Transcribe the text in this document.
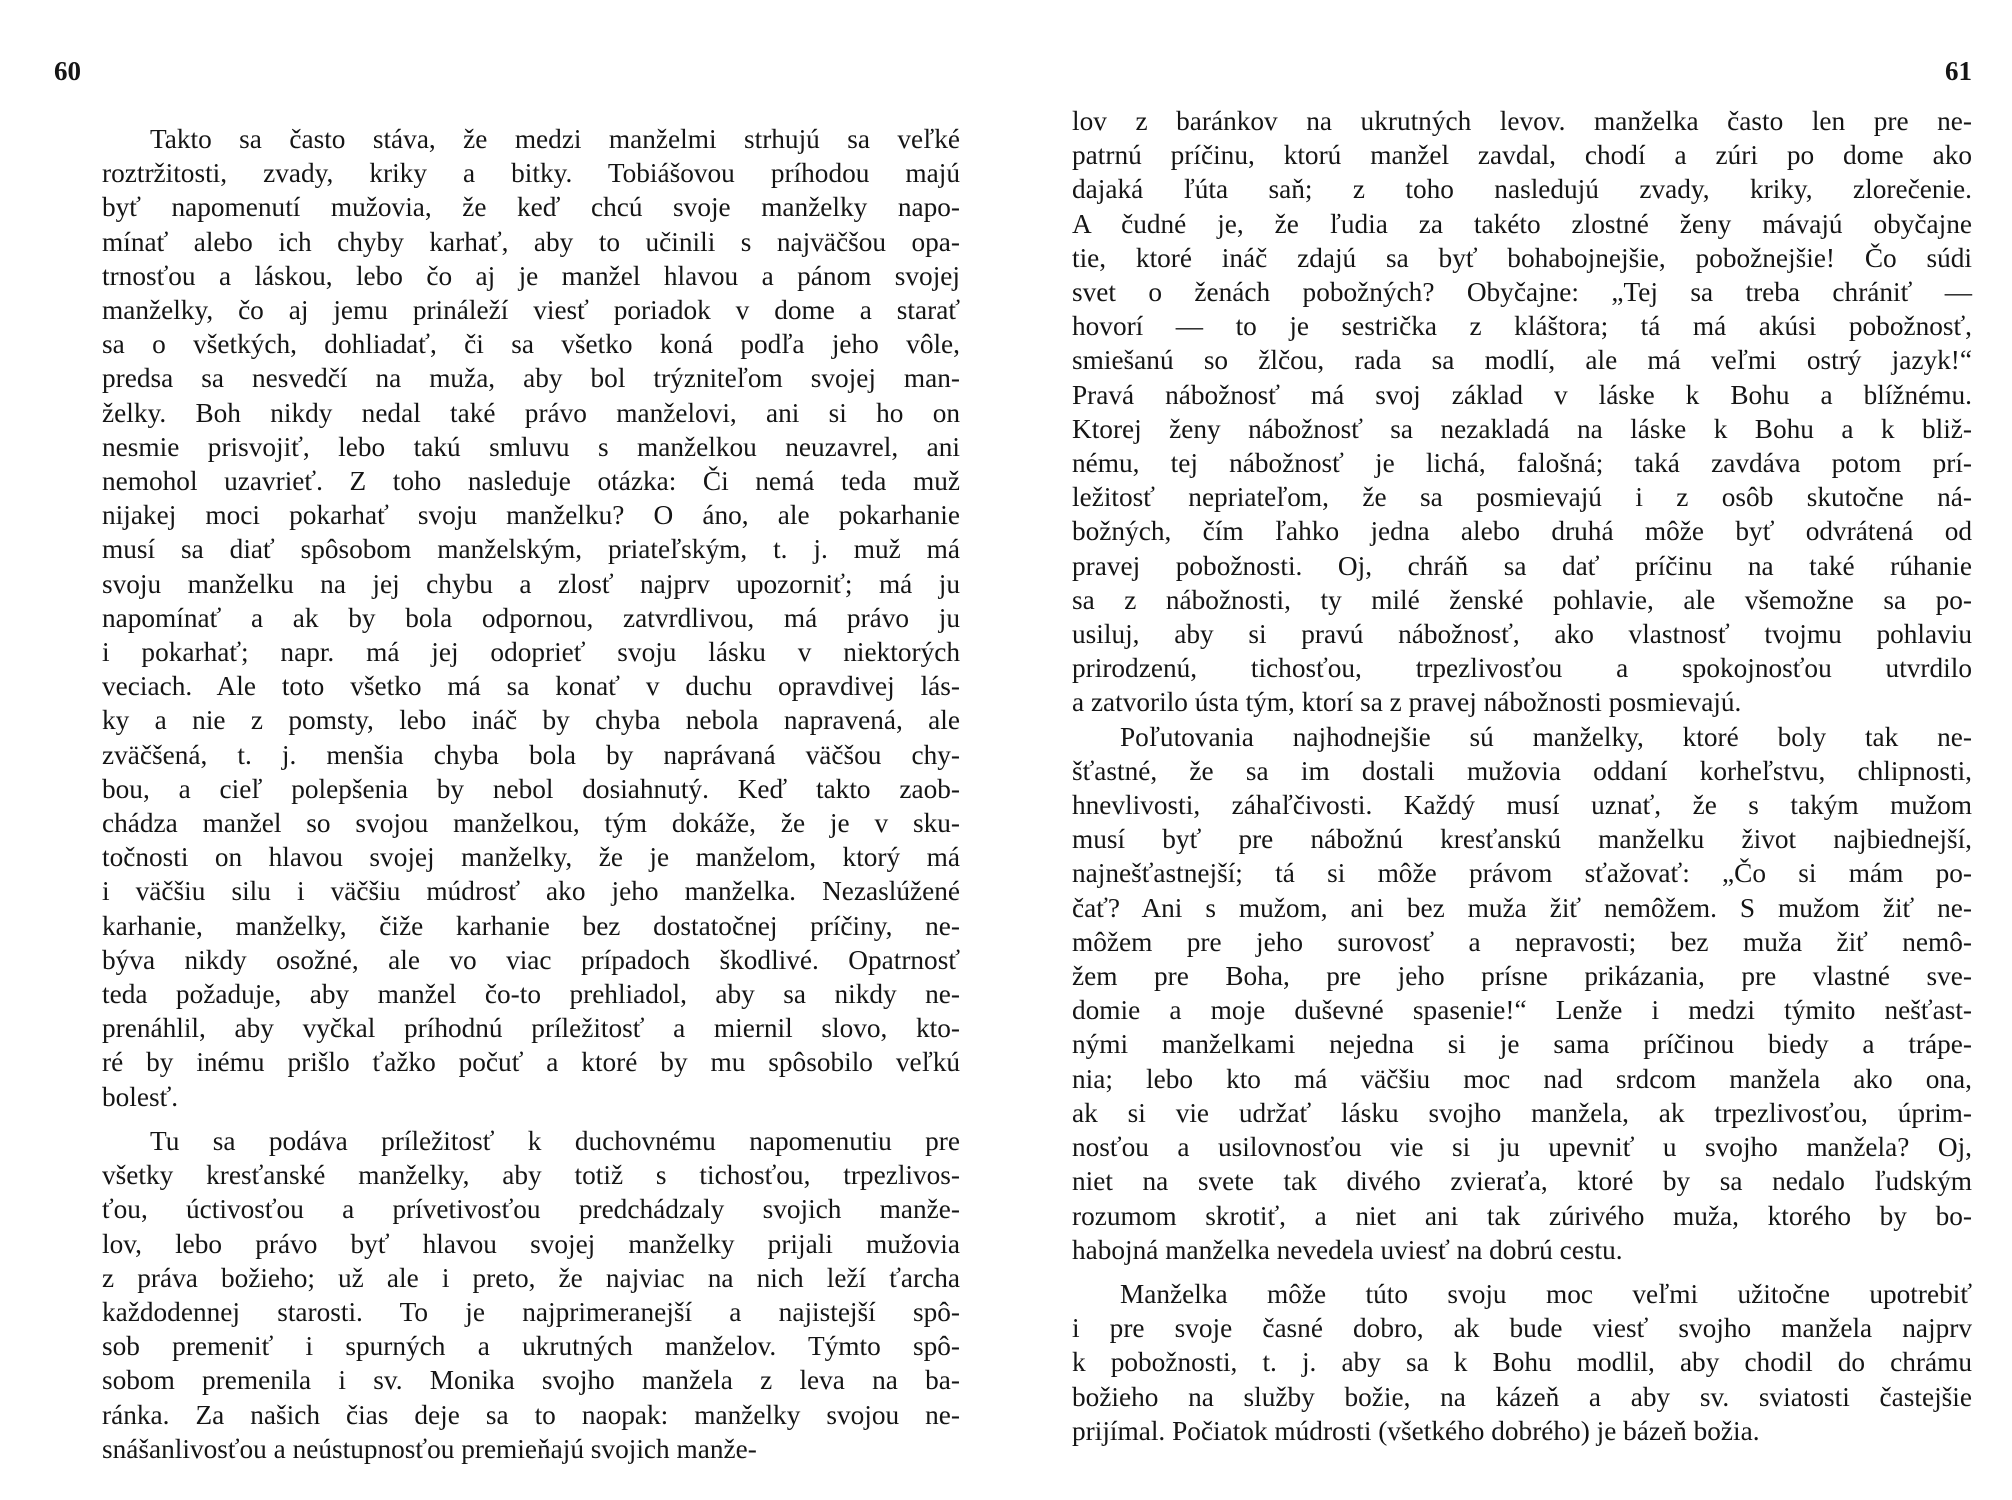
60
Takto sa často stáva, že medzi manželmi strhujú sa veľké
roztržitosti, zvady, kriky a bitky. Tobiášovou príhodou majú
byť napomenutí mužovia, že keď chcú svoje manželky napo-
mínať alebo ich chyby karhať, aby to učinili s najväčšou opa-
trnosťou a láskou, lebo čo aj je manžel hlavou a pánom svojej
manželky, čo aj jemu prináleží viesť poriadok v dome a starať
sa o všetkých, dohliadať, či sa všetko koná podľa jeho vôle,
predsa sa nesvedčí na muža, aby bol trýzniteľom svojej man-
želky. Boh nikdy nedal také právo manželovi, ani si ho on
nesmie prisvojiť, lebo takú smluvu s manželkou neuzavrel, ani
nemohol uzavrieť. Z toho nasleduje otázka: Či nemá teda muž
nijakej moci pokarhať svoju manželku? O áno, ale pokarhanie
musí sa diať spôsobom manželským, priateľským, t. j. muž má
svoju manželku na jej chybu a zlosť najprv upozorniť; má ju
napomínať a ak by bola odpornou, zatvrdlivou, má právo ju
i pokarhať; napr. má jej odoprieť svoju lásku v niektorých
veciach. Ale toto všetko má sa konať v duchu opravdivej lás-
ky a nie z pomsty, lebo ináč by chyba nebola napravená, ale
zväčšená, t. j. menšia chyba bola by naprávaná väčšou chy-
bou, a cieľ polepšenia by nebol dosiahnutý. Keď takto zaob-
chádza manžel so svojou manželkou, tým dokáže, že je v sku-
točnosti on hlavou svojej manželky, že je manželom, ktorý má
i väčšiu silu i väčšiu múdrosť ako jeho manželka. Nezaslúžené
karhanie, manželky, čiže karhanie bez dostatočnej príčiny, ne-
býva nikdy osožné, ale vo viac prípadoch škodlivé. Opatrnosť
teda požaduje, aby manžel čo-to prehliadol, aby sa nikdy ne-
prenáhlil, aby vyčkal príhodnú príležitosť a miernil slovo, kto-
ré by inému prišlo ťažko počuť a ktoré by mu spôsobilo veľkú
bolesť.
Tu sa podáva príležitosť k duchovnému napomenutiu pre
všetky kresťanské manželky, aby totiž s tichosťou, trpezlivos-
ťou, úctivosťou a prívetivosťou predchádzaly svojich manže-
lov, lebo právo byť hlavou svojej manželky prijali mužovia
z práva božieho; už ale i preto, že najviac na nich leží ťarcha
každodennej starosti. To je najprimeranejší a najistejší spô-
sob premeniť i spurných a ukrutných manželov. Týmto spô-
sobom premenila i sv. Monika svojho manžela z leva na ba-
ránka. Za našich čias deje sa to naopak: manželky svojou ne-
snášanlivosťou a neústupnosťou premieňajú svojich manže-
61
lov z baránkov na ukrutných levov. manželka často len pre ne-
patrnú príčinu, ktorú manžel zavdal, chodí a zúri po dome ako
dajaká ľúta saň; z toho nasledujú zvady, kriky, zlorečenie.
A čudné je, že ľudia za takéto zlostné ženy mávajú obyčajne
tie, ktoré ináč zdajú sa byť bohabojnejšie, pobožnejšie! Čo súdi
svet o ženách pobožných? Obyčajne: „Tej sa treba chrániť —
hovorí — to je sestrička z kláštora; tá má akúsi pobožnosť,
smiešanú so žlčou, rada sa modlí, ale má veľmi ostrý jazyk!“
Pravá nábožnosť má svoj základ v láske k Bohu a blížnému.
Ktorej ženy nábožnosť sa nezakladá na láske k Bohu a k bliž-
nému, tej nábožnosť je lichá, falošná; taká zavdáva potom prí-
ležitosť nepriateľom, že sa posmievajú i z osôb skutočne ná-
božných, čím ľahko jedna alebo druhá môže byť odvrátená od
pravej pobožnosti. Oj, chráň sa dať príčinu na také rúhanie
sa z nábožnosti, ty milé ženské pohlavie, ale všemožne sa po-
usiluj, aby si pravú nábožnosť, ako vlastnosť tvojmu pohlaviu
prirodzenú, tichosťou, trpezlivosťou a spokojnosťou utvrdilo
a zatvorilo ústa tým, ktorí sa z pravej nábožnosti posmievajú.
Poľutovania najhodnejšie sú manželky, ktoré boly tak ne-
šťastné, že sa im dostali mužovia oddaní korheľstvu, chlipnosti,
hnevlivosti, záhaľčivosti. Každý musí uznať, že s takým mužom
musí byť pre nábožnú kresťanskú manželku život najbiednejší,
najnešťastnejší; tá si môže právom sťažovať: „Čo si mám po-
čať? Ani s mužom, ani bez muža žiť nemôžem. S mužom žiť ne-
môžem pre jeho surovosť a nepravosti; bez muža žiť nemô-
žem pre Boha, pre jeho prísne prikázania, pre vlastné sve-
domie a moje duševné spasenie!“ Lenže i medzi týmito nešťast-
nými manželkami nejedna si je sama príčinou biedy a trápe-
nia; lebo kto má väčšiu moc nad srdcom manžela ako ona,
ak si vie udržať lásku svojho manžela, ak trpezlivosťou, úprim-
nosťou a usilovnosťou vie si ju upevniť u svojho manžela? Oj,
niet na svete tak divého zvieraťa, ktoré by sa nedalo ľudským
rozumom skrotiť, a niet ani tak zúrivého muža, ktorého by bo-
habojná manželka nevedela uviesť na dobrú cestu.
Manželka môže túto svoju moc veľmi užitočne upotrebiť
i pre svoje časné dobro, ak bude viesť svojho manžela najprv
k pobožnosti, t. j. aby sa k Bohu modlil, aby chodil do chrámu
božieho na služby božie, na kázeň a aby sv. sviatosti častejšie
prijímal. Počiatok múdrosti (všetkého dobrého) je bázeň božia.
